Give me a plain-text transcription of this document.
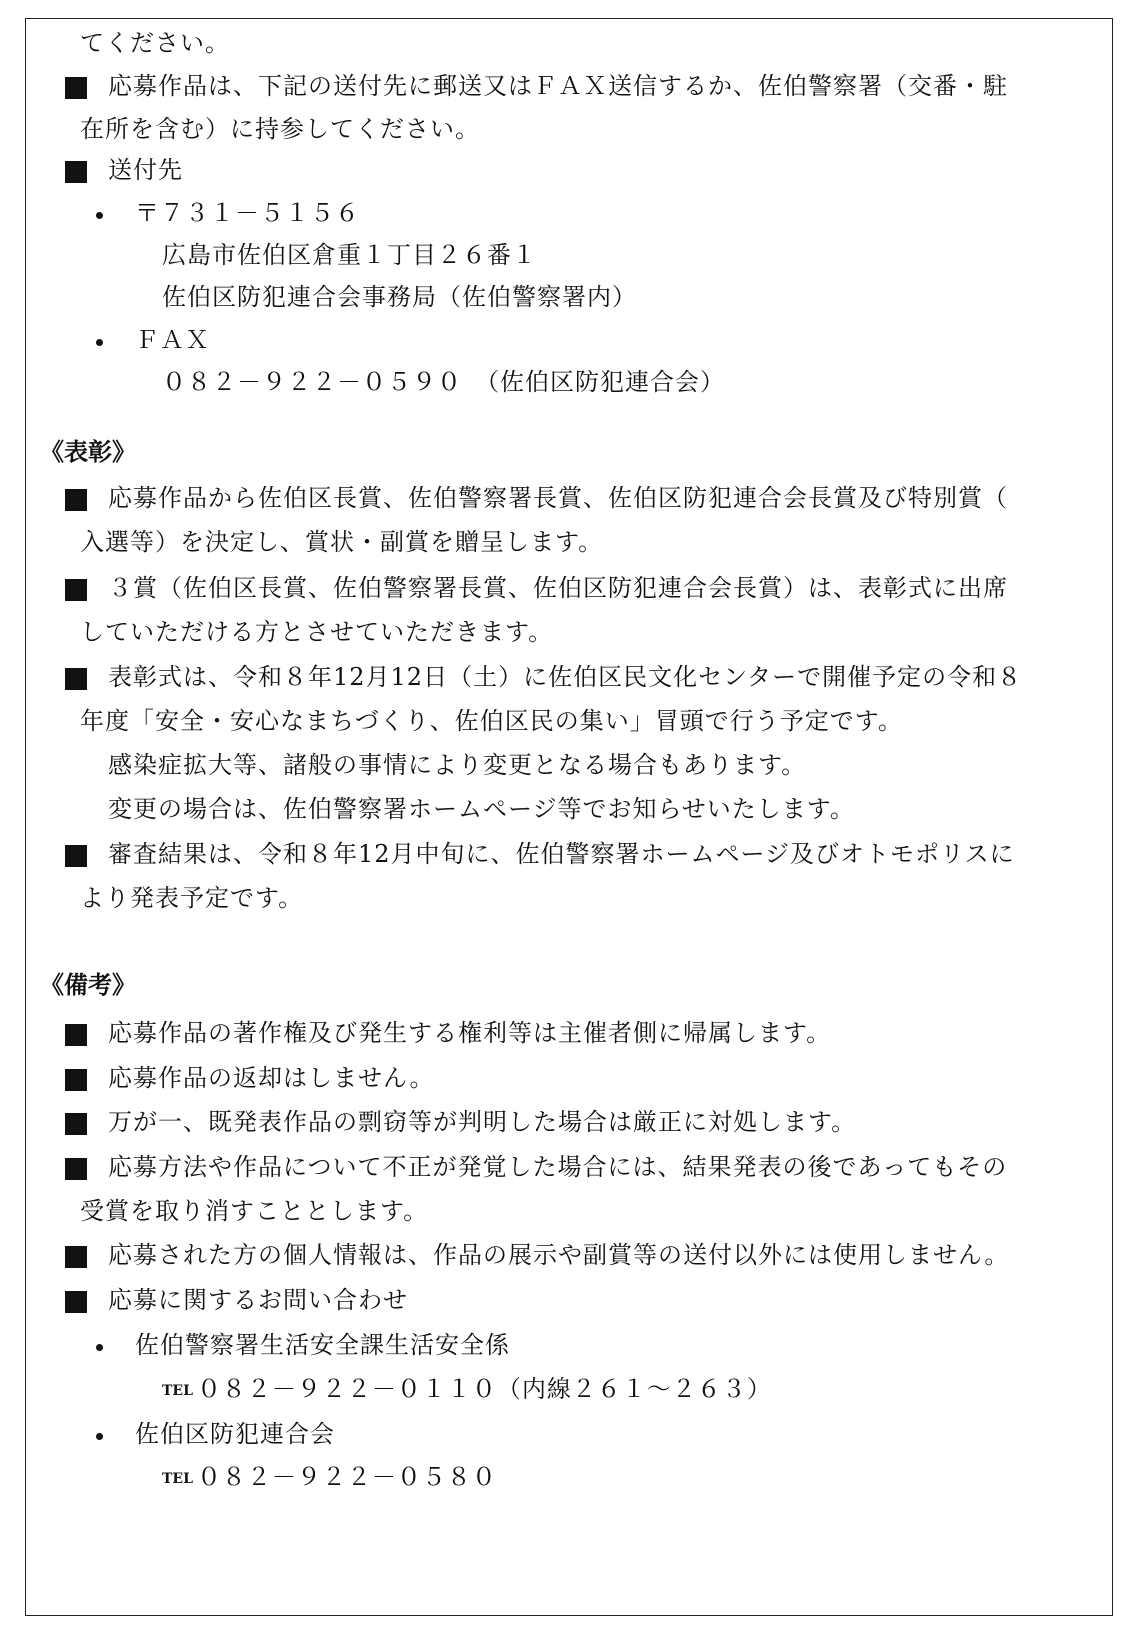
てください。
応募作品は、下記の送付先に郵送又はＦＡＸ送信するか、佐伯警察署（交番・駐
在所を含む）に持参してください。
送付先
〒７３１－５１５６
広島市佐伯区倉重１丁目２６番１
佐伯区防犯連合会事務局（佐伯警察署内）
ＦＡＸ
０８２－９２２－０５９０　（佐伯区防犯連合会）
《表彰》
応募作品から佐伯区長賞、佐伯警察署長賞、佐伯区防犯連合会長賞及び特別賞（
入選等）を決定し、賞状・副賞を贈呈します。
３賞（佐伯区長賞、佐伯警察署長賞、佐伯区防犯連合会長賞）は、表彰式に出席
していただける方とさせていただきます。
表彰式は、令和８年12月12日（土）に佐伯区民文化センターで開催予定の令和８
年度「安全・安心なまちづくり、佐伯区民の集い」冒頭で行う予定です。
感染症拡大等、諸般の事情により変更となる場合もあります。
変更の場合は、佐伯警察署ホームページ等でお知らせいたします。
審査結果は、令和８年12月中旬に、佐伯警察署ホームページ及びオトモポリスに
より発表予定です。
《備考》
応募作品の著作権及び発生する権利等は主催者側に帰属します。
応募作品の返却はしません。
万が一、既発表作品の剽窃等が判明した場合は厳正に対処します。
応募方法や作品について不正が発覚した場合には、結果発表の後であってもその
受賞を取り消すこととします。
応募された方の個人情報は、作品の展示や副賞等の送付以外には使用しません。
応募に関するお問い合わせ
佐伯警察署生活安全課生活安全係
TEL ０８２－９２２－０１１０（内線２６１～２６３）
佐伯区防犯連合会
TEL ０８２－９２２－０５８０
